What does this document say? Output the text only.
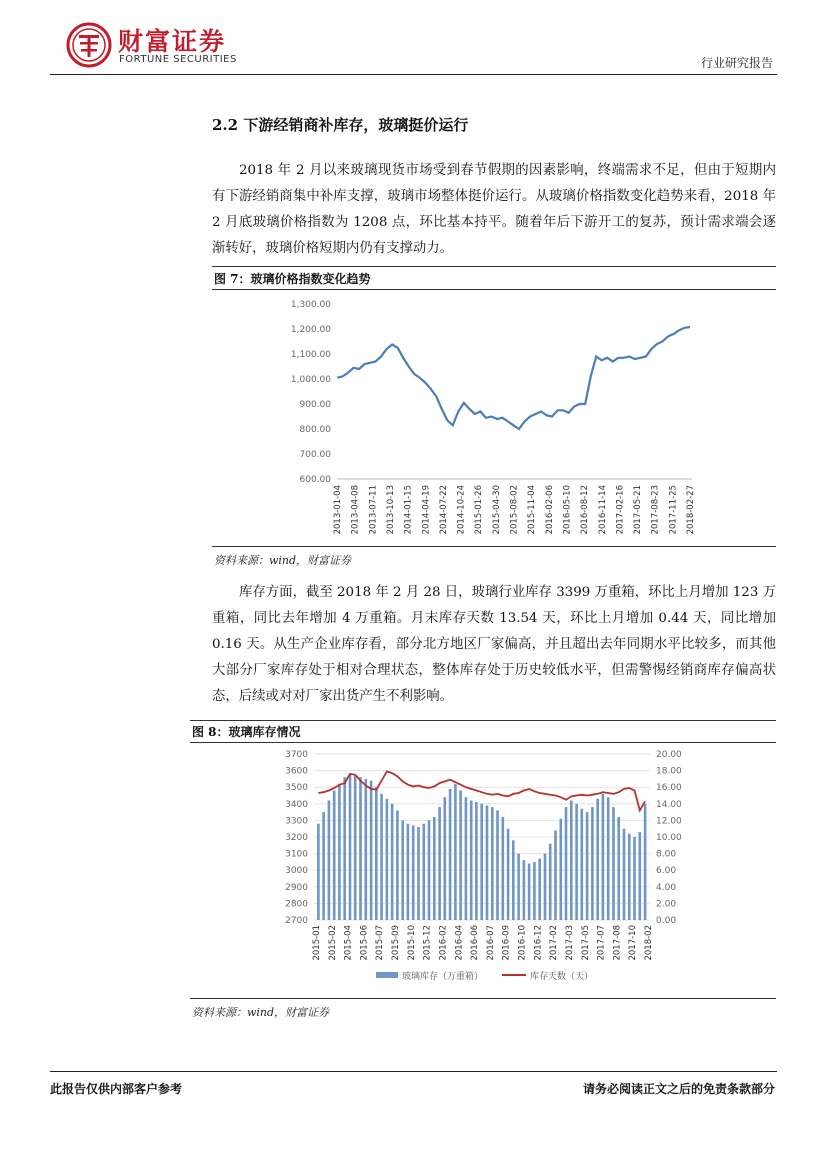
财富证券
FORTUNE SECURITIES	行业研究报告
2.2 下游经销商补库存，玻璃挺价运行
2018 年 2 月以来玻璃现货市场受到春节假期的因素影响，终端需求不足，但由于短期内有下游经销商集中补库支撑，玻璃市场整体挺价运行。从玻璃价格指数变化趋势来看，2018 年 2 月底玻璃价格指数为 1208 点，环比基本持平。随着年后下游开工的复苏，预计需求端会逐渐转好，玻璃价格短期内仍有支撑动力。
图 7：玻璃价格指数变化趋势
1,300.00
1,200.00
1,100.00
1,000.00
900.00
800.00
700.00
600.00
2013-01-04 2013-04-08 2013-07-11 2013-10-13 2014-01-15 2014-04-19 2014-07-22 2014-10-24 2015-01-26 2015-04-30 2015-08-02 2015-11-04 2016-02-06 2016-05-10 2016-08-12 2016-11-14 2017-02-16 2017-05-21 2017-08-23 2017-11-25 2018-02-27
资料来源：wind，财富证券
库存方面，截至 2018 年 2 月 28 日，玻璃行业库存 3399 万重箱，环比上月增加 123 万重箱，同比去年增加 4 万重箱。月末库存天数 13.54 天，环比上月增加 0.44 天，同比增加 0.16 天。从生产企业库存看，部分北方地区厂家偏高，并且超出去年同期水平比较多，而其他大部分厂家库存处于相对合理状态，整体库存处于历史较低水平，但需警惕经销商库存偏高状态，后续或对对厂家出货产生不利影响。
图 8：玻璃库存情况
3700
3600
3500
3400
3300
3200
3100
3000
2900
2800
2700
20.00
18.00
16.00
14.00
12.00
10.00
8.00
6.00
4.00
2.00
0.00
2015-01 2015-02 2015-04 2015-06 2015-07 2015-09 2015-10 2015-12 2016-02 2016-04 2016-06 2016-07 2016-09 2016-10 2016-12 2017-02 2017-03 2017-05 2017-07 2017-08 2017-10 2018-02
玻璃库存（万重箱）	库存天数（天）
资料来源：wind，财富证券
此报告仅供内部客户参考	请务必阅读正文之后的免责条款部分
